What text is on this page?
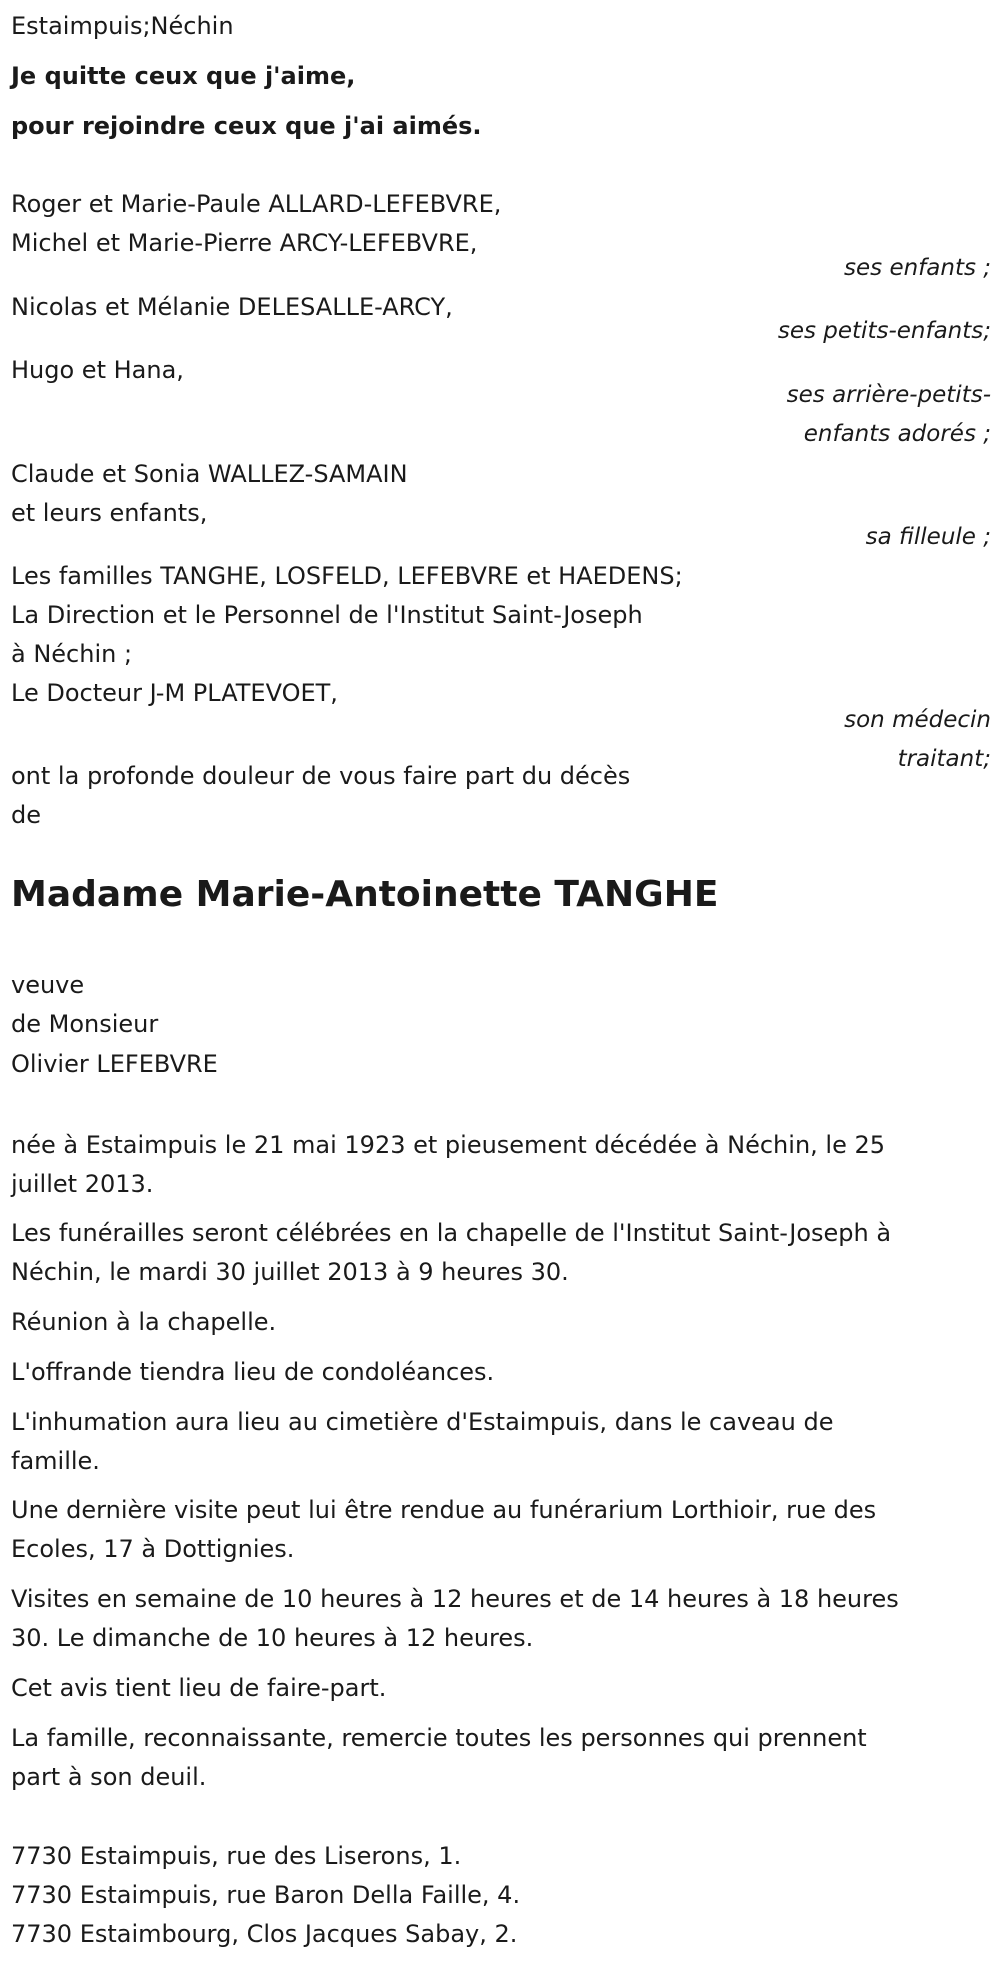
Estaimpuis;Néchin
Je quitte ceux que j'aime,
pour rejoindre ceux que j'ai aimés.
Roger et Marie-Paule ALLARD-LEFEBVRE,
Michel et Marie-Pierre ARCY-LEFEBVRE,
ses enfants ;
Nicolas et Mélanie DELESALLE-ARCY,
ses petits-enfants;
Hugo et Hana,
ses arrière-petits-
enfants adorés ;
Claude et Sonia WALLEZ-SAMAIN
et leurs enfants,
sa filleule ;
Les familles TANGHE, LOSFELD, LEFEBVRE et HAEDENS;
La Direction et le Personnel de l'Institut Saint-Joseph
à Néchin ;
Le Docteur J-M PLATEVOET,
son médecin
traitant;
ont la profonde douleur de vous faire part du décès
de
Madame Marie-Antoinette TANGHE
veuve
de Monsieur
Olivier LEFEBVRE
née à Estaimpuis le 21 mai 1923 et pieusement décédée à Néchin, le 25
juillet 2013.
Les funérailles seront célébrées en la chapelle de l'Institut Saint-Joseph à
Néchin, le mardi 30 juillet 2013 à 9 heures 30.
Réunion à la chapelle.
L'offrande tiendra lieu de condoléances.
L'inhumation aura lieu au cimetière d'Estaimpuis, dans le caveau de
famille.
Une dernière visite peut lui être rendue au funérarium Lorthioir, rue des
Ecoles, 17 à Dottignies.
Visites en semaine de 10 heures à 12 heures et de 14 heures à 18 heures
30. Le dimanche de 10 heures à 12 heures.
Cet avis tient lieu de faire-part.
La famille, reconnaissante, remercie toutes les personnes qui prennent
part à son deuil.
7730 Estaimpuis, rue des Liserons, 1.
7730 Estaimpuis, rue Baron Della Faille, 4.
7730 Estaimbourg, Clos Jacques Sabay, 2.
